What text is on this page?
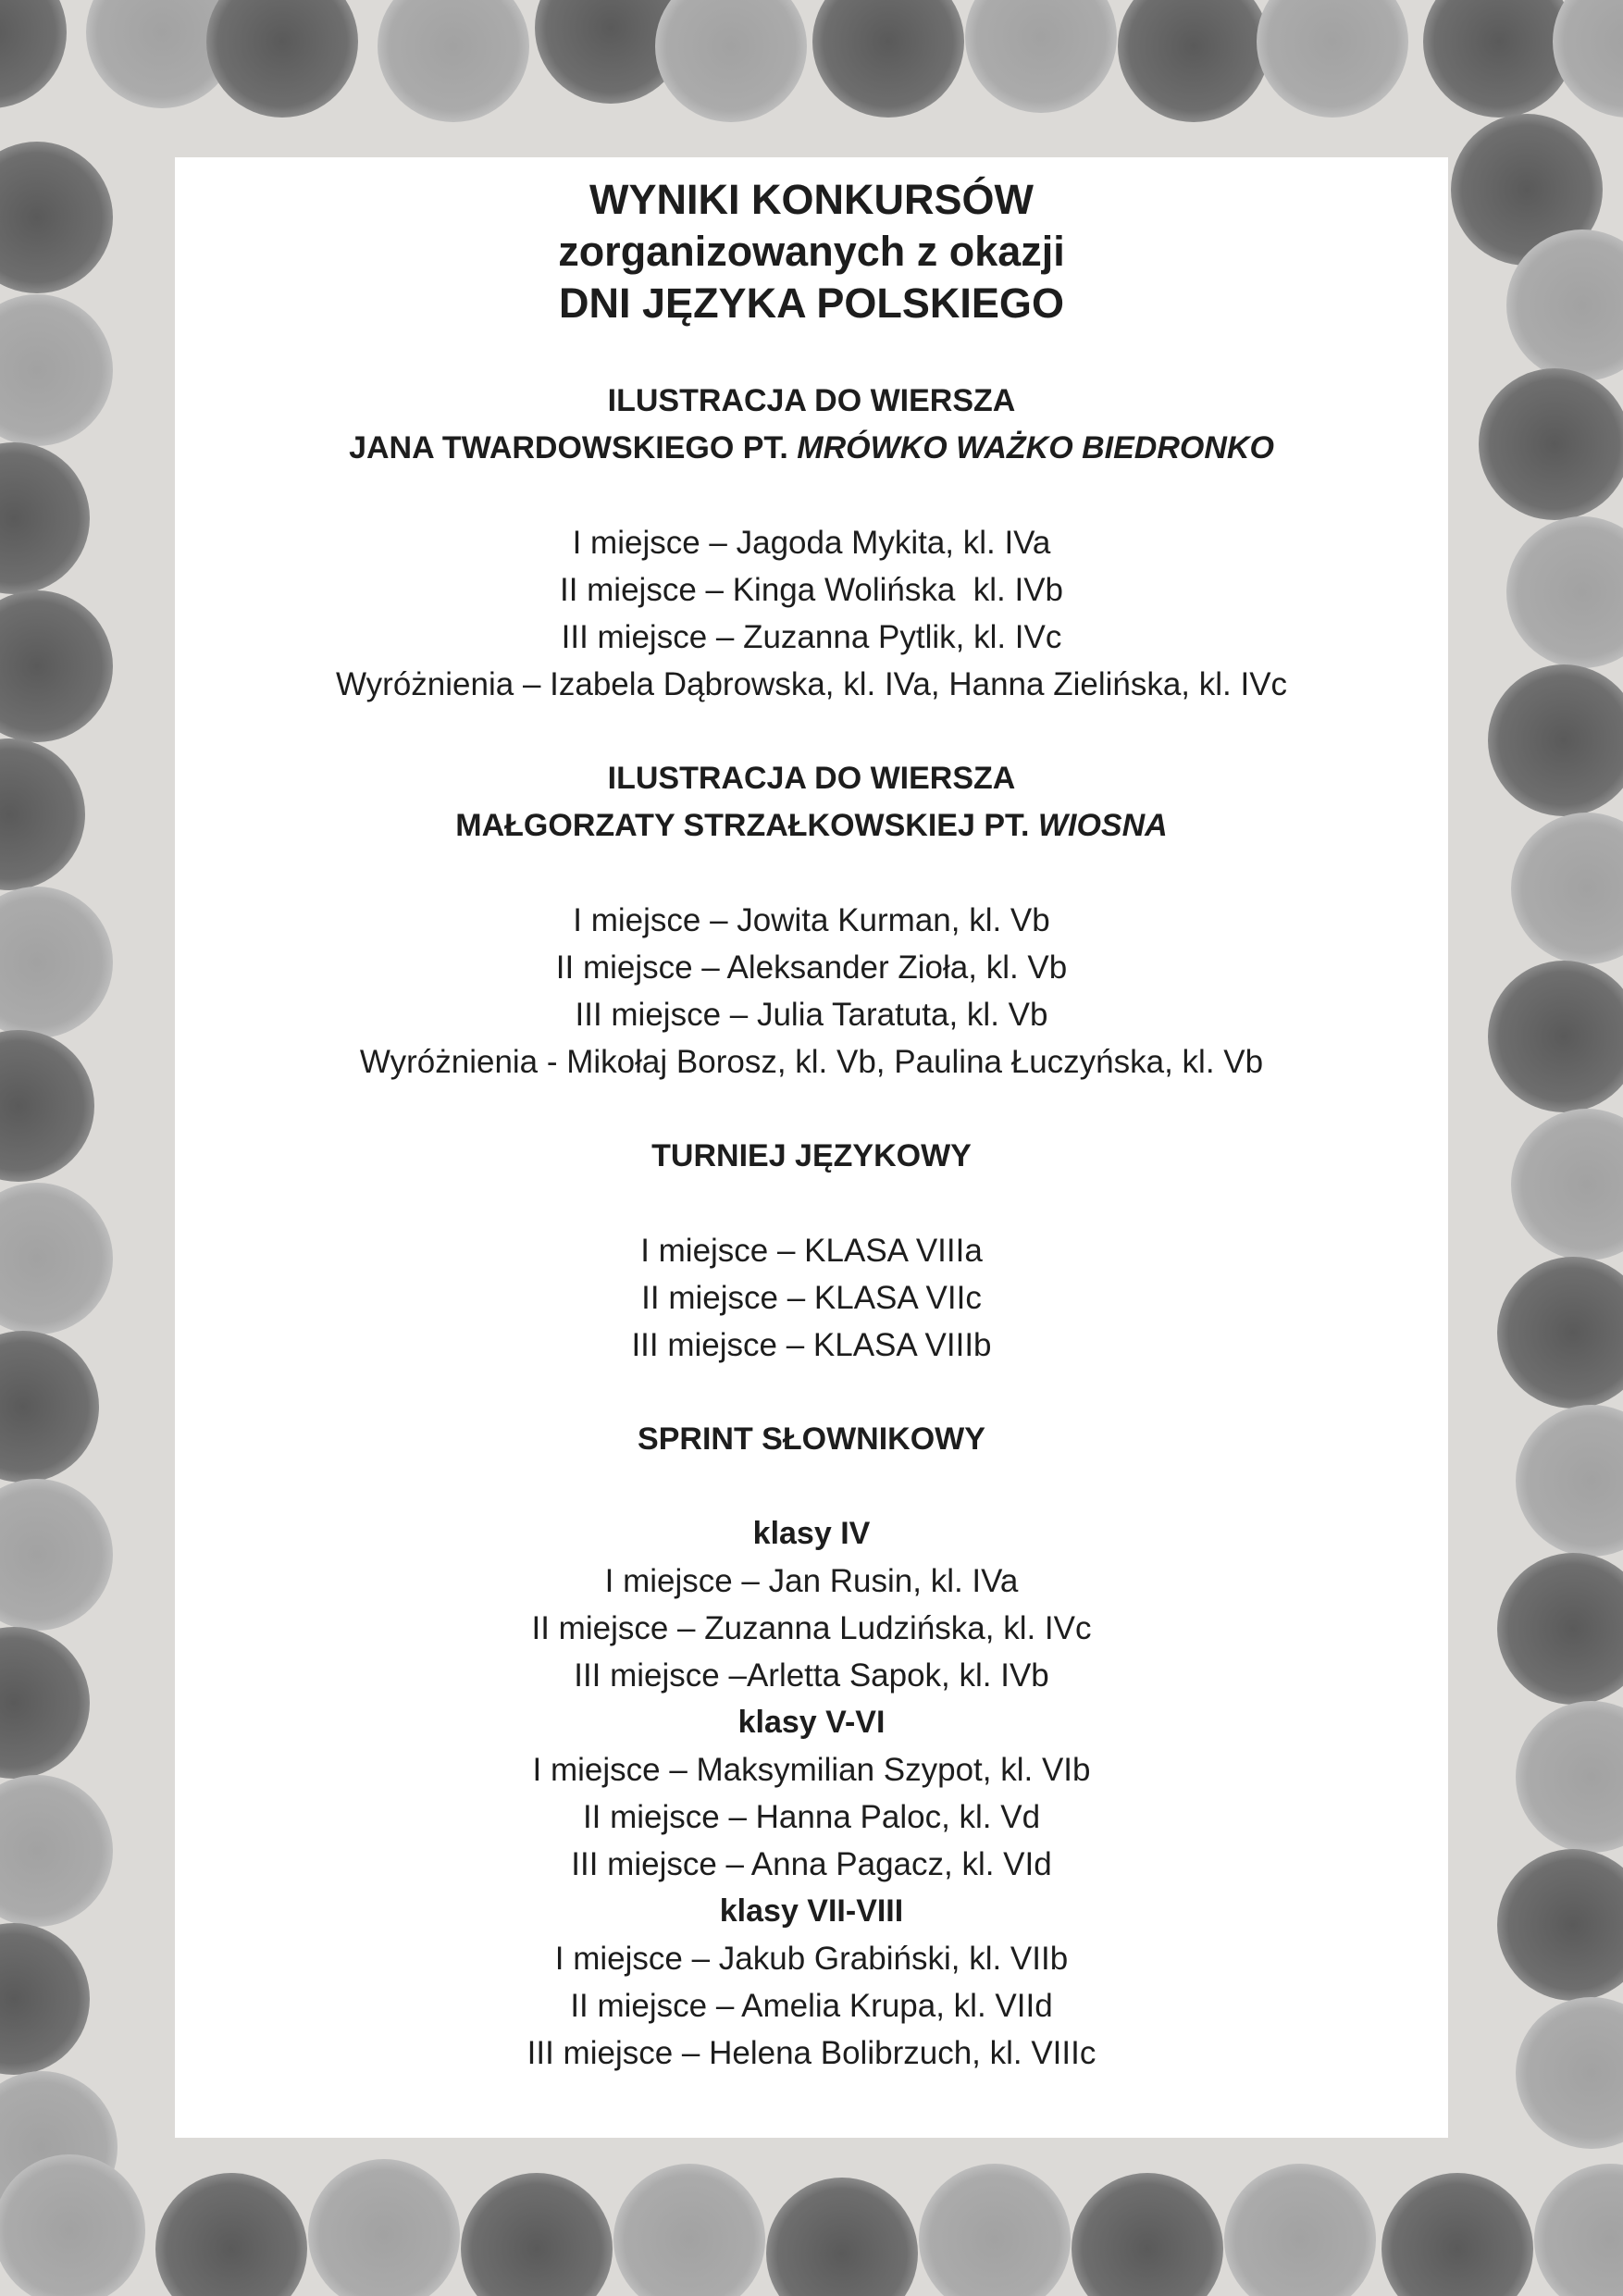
WYNIKI KONKURSÓW

zorganizowanych z okazji

DNI JĘZYKA POLSKIEGO

ILUSTRACJA DO WIERSZA
JANA TWARDOWSKIEGO PT. MRÓWKO WAŻKO BIEDRONKO
I miejsce – Jagoda Mykita, kl. IVa
II miejsce – Kinga Wolińska  kl. IVb
III miejsce – Zuzanna Pytlik, kl. IVc
Wyróżnienia – Izabela Dąbrowska, kl. IVa, Hanna Zielińska, kl. IVc
ILUSTRACJA DO WIERSZA
MAŁGORZATY STRZAŁKOWSKIEJ PT. WIOSNA
I miejsce – Jowita Kurman, kl. Vb
II miejsce – Aleksander Zioła, kl. Vb
III miejsce – Julia Taratuta, kl. Vb
Wyróżnienia - Mikołaj Borosz, kl. Vb, Paulina Łuczyńska, kl. Vb
TURNIEJ JĘZYKOWY
I miejsce – KLASA VIIIa
II miejsce – KLASA VIIc
III miejsce – KLASA VIIIb
SPRINT SŁOWNIKOWY
klasy IV
I miejsce – Jan Rusin, kl. IVa
II miejsce – Zuzanna Ludzińska, kl. IVc
III miejsce –Arletta Sapok, kl. IVb
klasy V-VI
I miejsce – Maksymilian Szypot, kl. VIb
II miejsce – Hanna Paloc, kl. Vd
III miejsce – Anna Pagacz, kl. VId
klasy VII-VIII
I miejsce – Jakub Grabiński, kl. VIIb
II miejsce – Amelia Krupa, kl. VIId
III miejsce – Helena Bolibrzuch, kl. VIIIc
